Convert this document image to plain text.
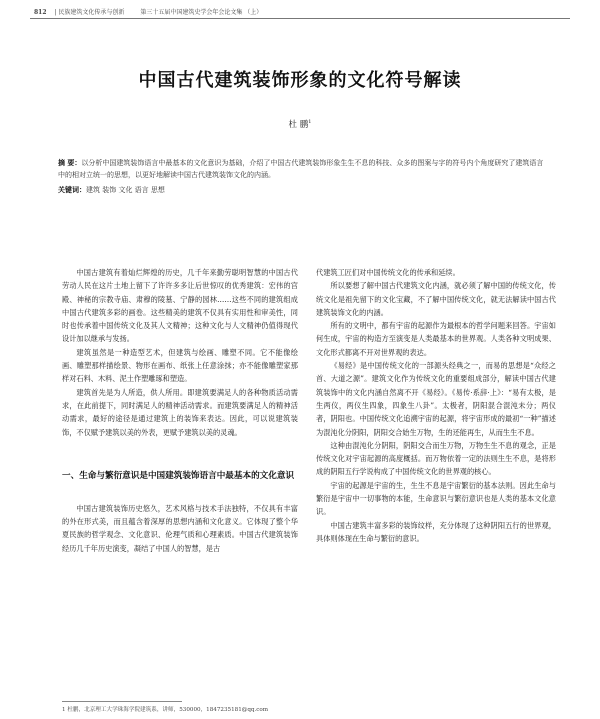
812 | 民族建筑文化传承与创新	第三十五届中国建筑史学会年会论文集 （上）
中国古代建筑装饰形象的文化符号解读
杜 鹏$^1$
摘 要：以分析中国建筑装饰语言中最基本的文化意识为基础，介绍了中国古代建筑装饰形象生生不息的科技、众多的图案与字的符号内个角度研究了建筑语言中的相对立统一的思想，以更好地解读中国古代建筑装饰文化的内涵。
关键词：建筑 装饰 文化 语言 思想

中国古建筑有着灿烂辉煌的历史，几千年来勤劳聪明智慧的中国古代劳动人民在这片土地上留下了许许多多让后世惊叹的优秀建筑：宏伟的宫殿、神秘的宗教寺庙、肃穆的陵墓、宁静的园林……这些不同的建筑组成中国古代建筑多彩的画卷。这些精美的建筑不仅具有实用性和审美性，同时也传承着中国传统文化及其人文精神；这种文化与人文精神仍值得现代设计加以继承与发扬。

建筑虽然是一种造型艺术，但建筑与绘画、雕塑不同。它不能像绘画、雕塑那样描绘景、物形在画布、纸张上任意涂抹；亦不能像雕塑家那样对石料、木料、泥土作塑雕琢和塑造。

建筑首先是为人所造，供人所用。即建筑要满足人的各种物质活动需求，在此前提下，同时满足人的精神活动需求。而建筑要满足人的精神活动需求，最好的途径是通过建筑上的装饰来表达。因此，可以说建筑装饰，不仅赋予建筑以美的外表，更赋予建筑以美的灵魂。

一、生命与繁衍意识是中国建筑装饰语言中最基本的文化意识

中国古建筑装饰历史悠久，艺术风格与技术手法独特，不仅具有丰富的外在形式美，而且蕴含着深厚的思想内涵和文化意义。它体现了整个华夏民族的哲学观念、文化意识、伦理气质和心理素质。中国古代建筑装饰经历几千年历史演变，凝结了中国人的智慧，是古

代建筑工匠们对中国传统文化的传承和延续。

所以要想了解中国古代建筑文化内涵，就必须了解中国的传统文化，传统文化是祖先留下的文化宝藏，不了解中国传统文化，就无法解读中国古代建筑装饰文化的内涵。

所有的文明中，都有宇宙的起源作为最根本的哲学问题来回答。宇宙如何生成，宇宙的构造方至演变是人类最基本的世界观。人类各种文明成果、文化形式都离不开对世界观的表达。

《易经》是中国传统文化的一部源头经典之一，而易的思想是“众经之首、大道之源”。建筑文化作为传统文化的重要组成部分，解读中国古代建筑装饰中的文化内涵自然离不开《易经》。《易传·系辞·上》：“易有太极，是生两仪，两仪生四象，四象生八卦”。太极者，阴阳混合混沌未分；两仪者，阴阳也。中国传统文化追溯宇宙的起源，将宇宙形成的最初“一种”描述为混沌化分阴阳，阴阳交合始生万物，生的还能再生，从而生生不息。

这种由混沌化分阴阳，阴阳交合而生万物，万物生生不息的观念，正是传统文化对宇宙起源的高度概括。而万物依着一定的法则生生不息，是将形成的阴阳五行学说构成了中国传统文化的世界观的核心。

宇宙的起源是宇宙的生，生生不息是宇宙繁衍的基本法则。因此生命与繁衍是宇宙中一切事物的本能，生命意识与繁衍意识也是人类的基本文化意识。

中国古建筑丰富多彩的装饰纹样，充分体现了这种阴阳五行的世界观，具体则体现在生命与繁衍的意识。

1 杜鹏，北京理工大学珠海学院建筑系，讲师，530000，1847235181@qq.com
